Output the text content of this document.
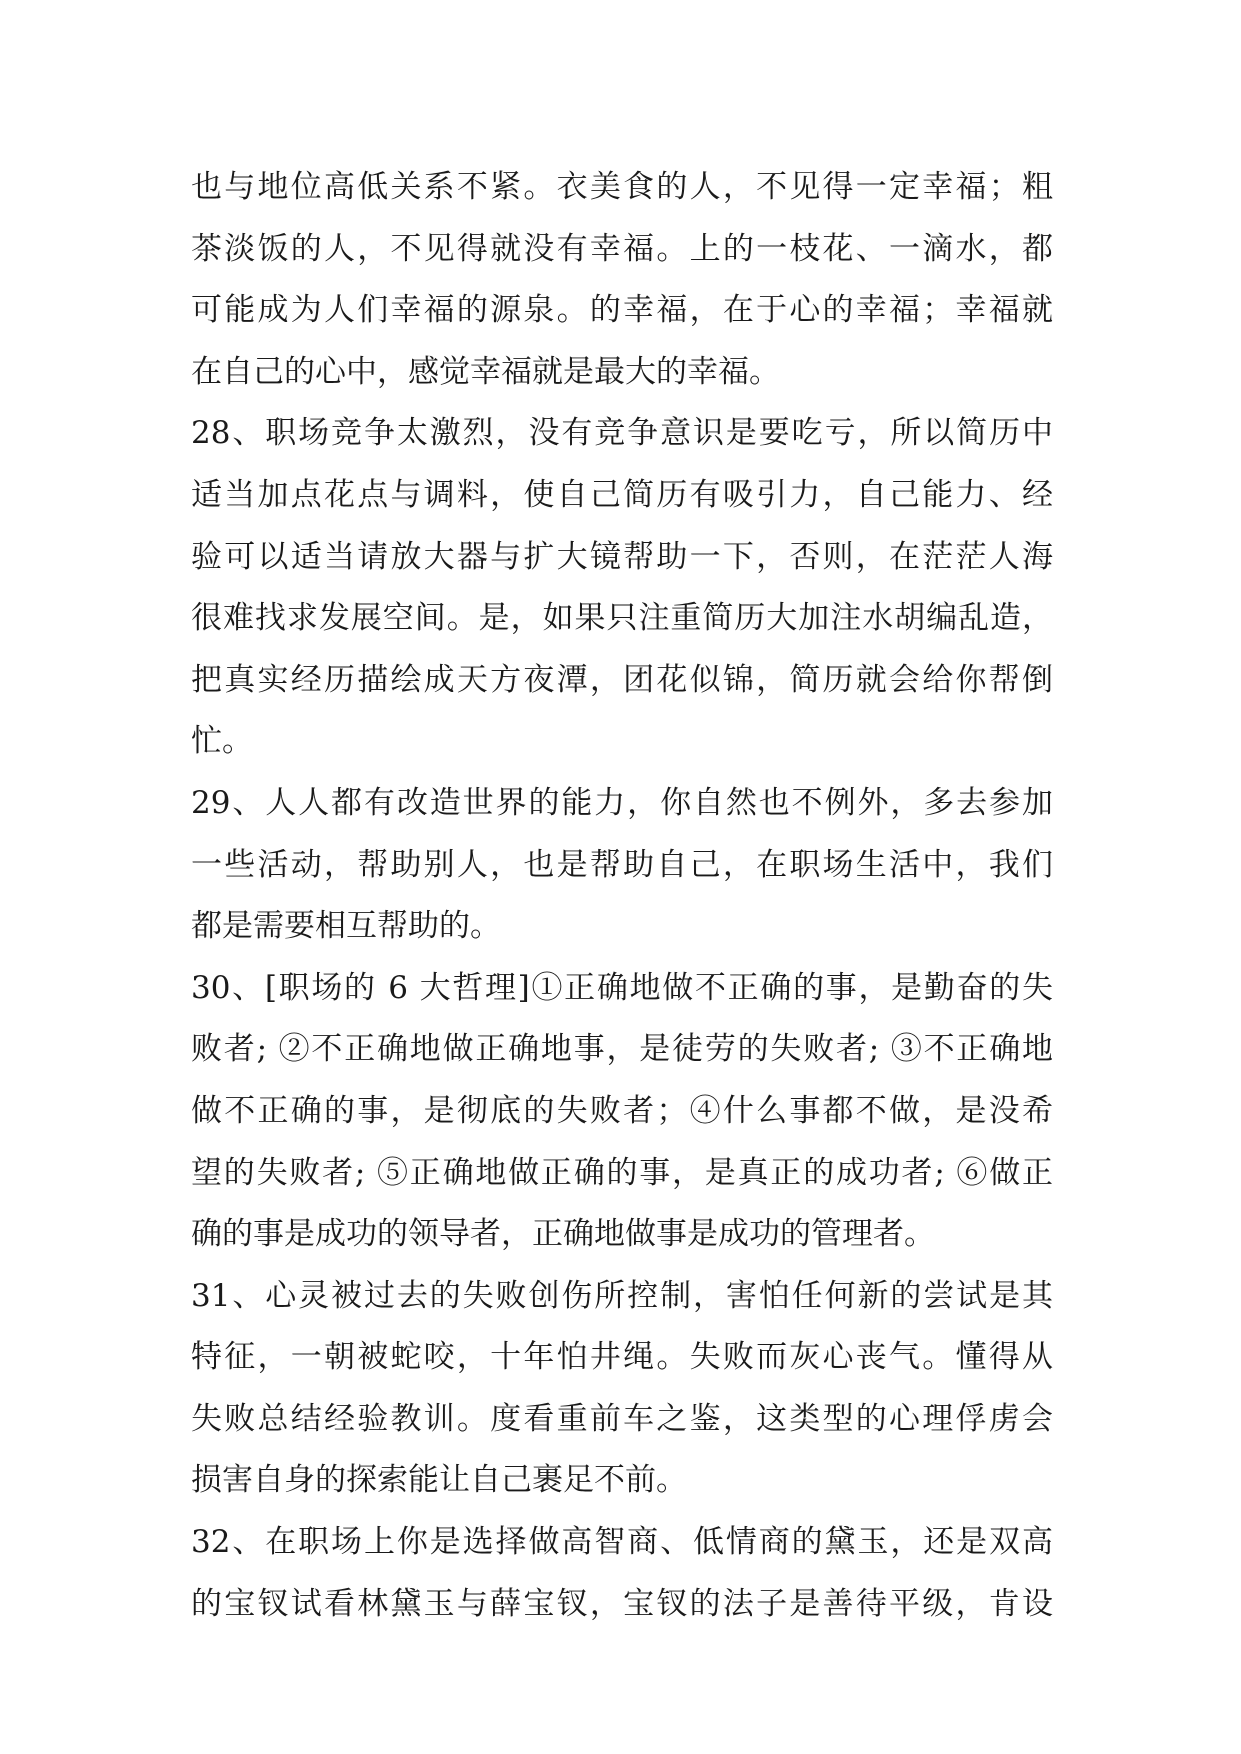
也与地位高低关系不紧。衣美食的人，不见得一定幸福；粗
茶淡饭的人，不见得就没有幸福。上的一枝花、一滴水，都
可能成为人们幸福的源泉。的幸福，在于心的幸福；幸福就
在自己的心中，感觉幸福就是最大的幸福。
28、职场竞争太激烈，没有竞争意识是要吃亏，所以简历中
适当加点花点与调料，使自己简历有吸引力，自己能力、经
验可以适当请放大器与扩大镜帮助一下，否则，在茫茫人海
很难找求发展空间。是，如果只注重简历大加注水胡编乱造，
把真实经历描绘成天方夜潭，团花似锦，简历就会给你帮倒
忙。
29、人人都有改造世界的能力，你自然也不例外，多去参加
一些活动，帮助别人，也是帮助自己，在职场生活中，我们
都是需要相互帮助的。
30、[职场的 6 大哲理]①正确地做不正确的事，是勤奋的失
败者; ②不正确地做正确地事，是徒劳的失败者; ③不正确地
做不正确的事，是彻底的失败者；④什么事都不做，是没希
望的失败者; ⑤正确地做正确的事，是真正的成功者; ⑥做正
确的事是成功的领导者，正确地做事是成功的管理者。
31、心灵被过去的失败创伤所控制，害怕任何新的尝试是其
特征，一朝被蛇咬，十年怕井绳。失败而灰心丧气。懂得从
失败总结经验教训。度看重前车之鉴，这类型的心理俘虏会
损害自身的探索能让自己裹足不前。
32、在职场上你是选择做高智商、低情商的黛玉，还是双高
的宝钗试看林黛玉与薛宝钗，宝钗的法子是善待平级，肯设
